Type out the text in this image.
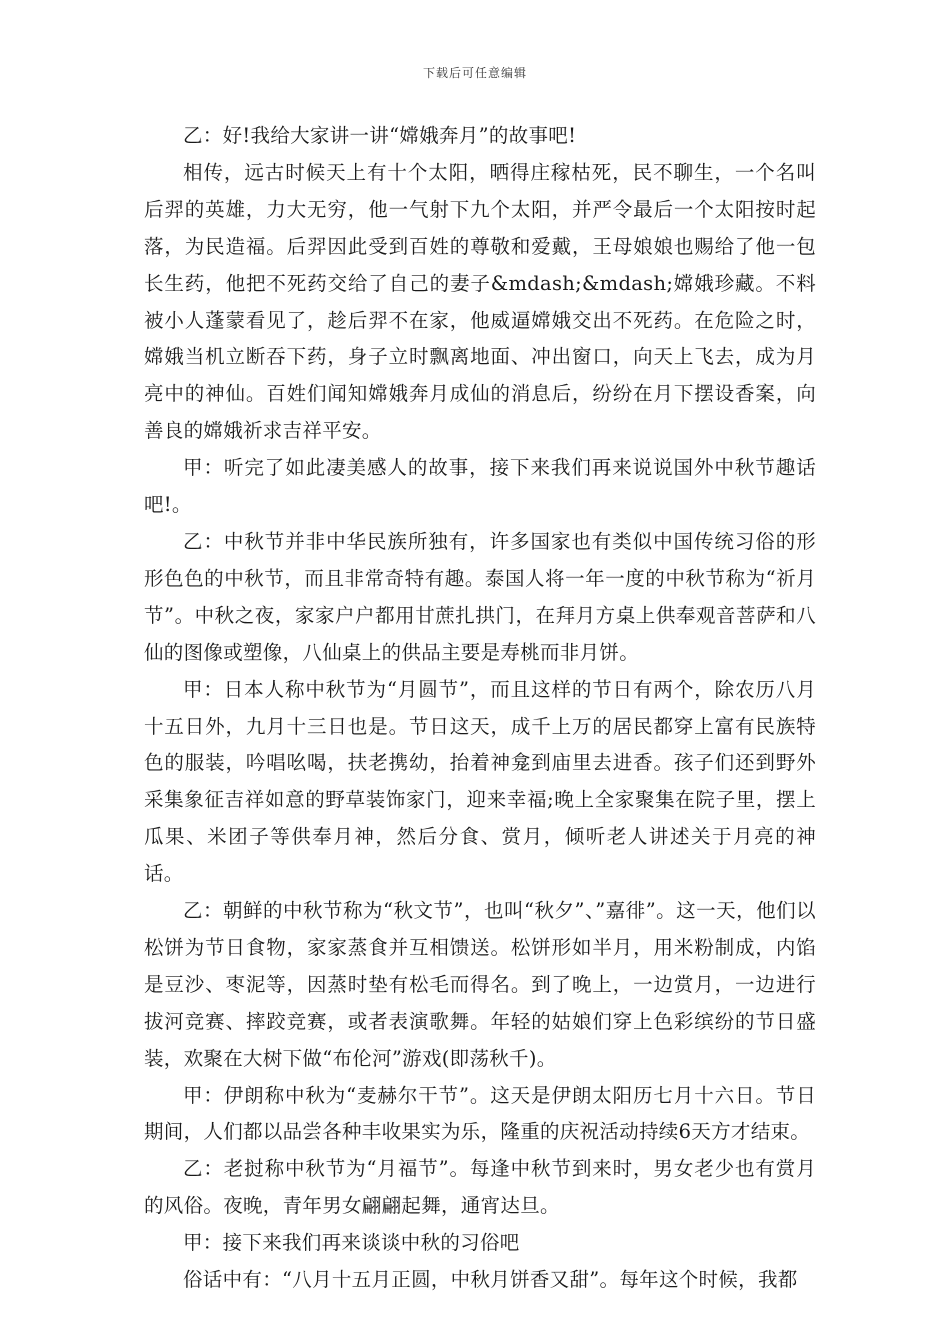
下载后可任意编辑

乙：好!我给大家讲一讲“嫦娥奔月”的故事吧!

相传，远古时候天上有十个太阳，晒得庄稼枯死，民不聊生，一个名叫后羿的英雄，力大无穷，他一气射下九个太阳，并严令最后一个太阳按时起落，为民造福。后羿因此受到百姓的尊敬和爱戴，王母娘娘也赐给了他一包长生药，他把不死药交给了自己的妻子&mdash;&mdash;嫦娥珍藏。不料被小人蓬蒙看见了，趁后羿不在家，他威逼嫦娥交出不死药。在危险之时，嫦娥当机立断吞下药，身子立时飘离地面、冲出窗口，向天上飞去，成为月亮中的神仙。百姓们闻知嫦娥奔月成仙的消息后，纷纷在月下摆设香案，向善良的嫦娥祈求吉祥平安。

甲：听完了如此凄美感人的故事，接下来我们再来说说国外中秋节趣话吧!。

乙：中秋节并非中华民族所独有，许多国家也有类似中国传统习俗的形形色色的中秋节，而且非常奇特有趣。泰国人将一年一度的中秋节称为“祈月节”。中秋之夜，家家户户都用甘蔗扎拱门，在拜月方桌上供奉观音菩萨和八仙的图像或塑像，八仙桌上的供品主要是寿桃而非月饼。

甲：日本人称中秋节为“月圆节”，而且这样的节日有两个，除农历八月十五日外，九月十三日也是。节日这天，成千上万的居民都穿上富有民族特色的服装，吟唱吆喝，扶老携幼，抬着神龛到庙里去进香。孩子们还到野外采集象征吉祥如意的野草装饰家门，迎来幸福;晚上全家聚集在院子里，摆上瓜果、米团子等供奉月神，然后分食、赏月，倾听老人讲述关于月亮的神话。

乙：朝鲜的中秋节称为“秋文节”，也叫“秋夕”、”嘉徘”。这一天，他们以松饼为节日食物，家家蒸食并互相馈送。松饼形如半月，用米粉制成，内馅是豆沙、枣泥等，因蒸时垫有松毛而得名。到了晚上，一边赏月，一边进行拔河竞赛、摔跤竞赛，或者表演歌舞。年轻的姑娘们穿上色彩缤纷的节日盛装，欢聚在大树下做“布伦河”游戏(即荡秋千)。

甲：伊朗称中秋为“麦赫尔干节”。这天是伊朗太阳历七月十六日。节日期间，人们都以品尝各种丰收果实为乐，隆重的庆祝活动持续6天方才结束。

乙：老挝称中秋节为“月福节”。每逢中秋节到来时，男女老少也有赏月的风俗。夜晚，青年男女翩翩起舞，通宵达旦。

甲：接下来我们再来谈谈中秋的习俗吧

俗话中有：“八月十五月正圆，中秋月饼香又甜”。每年这个时候，我都
